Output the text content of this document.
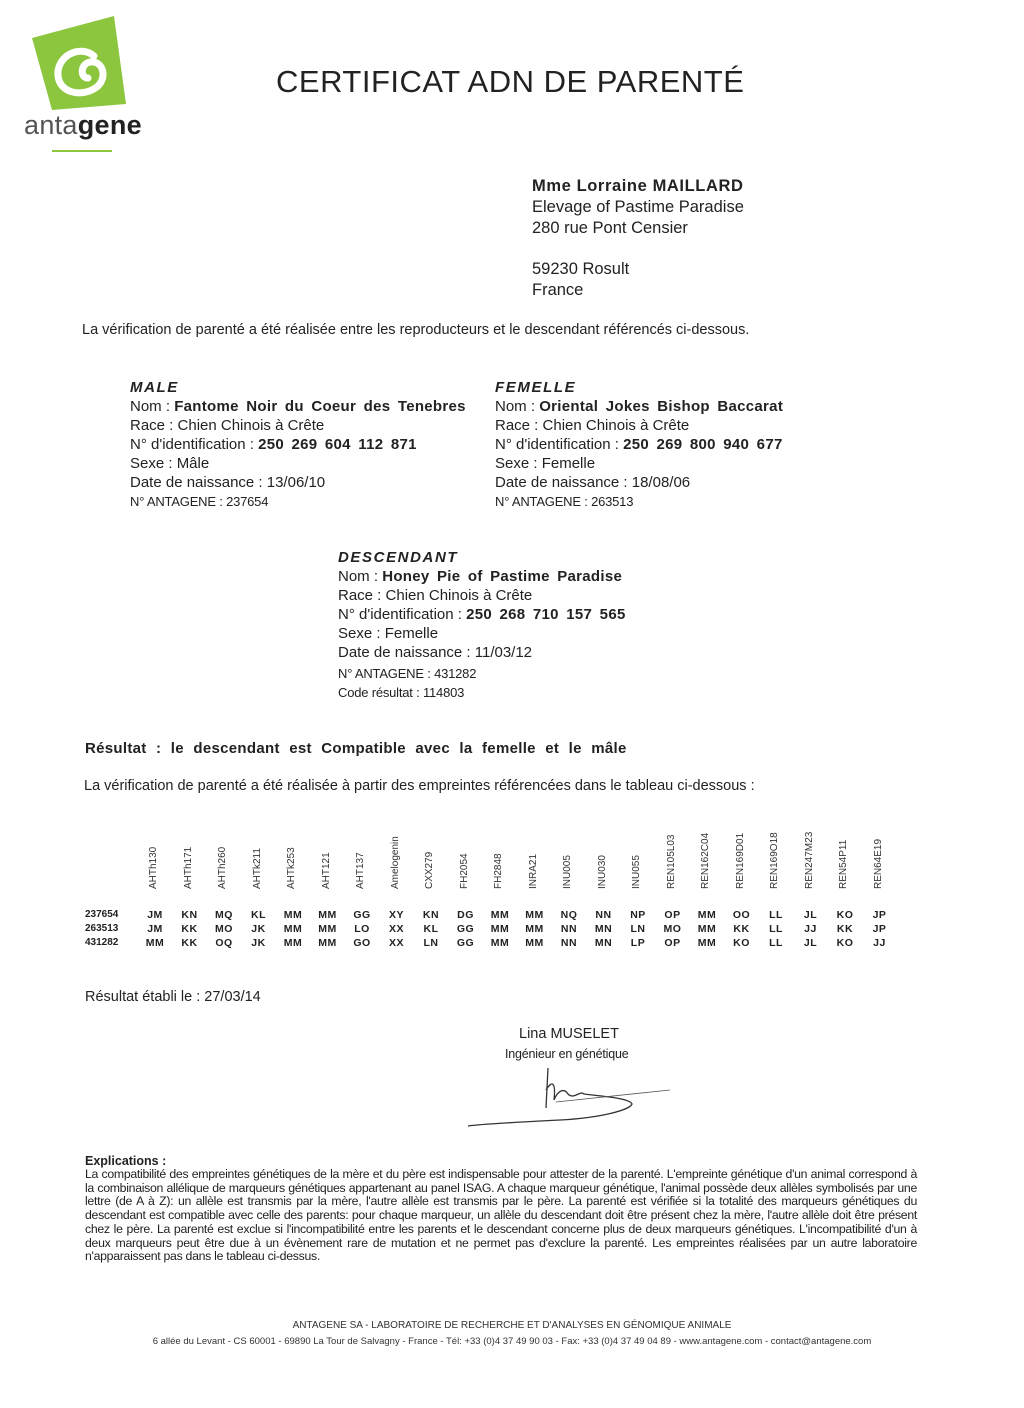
antagene
CERTIFICAT ADN DE PARENTÉ
Mme Lorraine MAILLARD
Elevage of Pastime Paradise
280 rue Pont Censier
59230 Rosult
France
La vérification de parenté a été réalisée entre les reproducteurs et le descendant référencés ci-dessous.
MALE
Nom : Fantome Noir du Coeur des Tenebres
Race : Chien Chinois à Crête
N° d'identification : 250 269 604 112 871
Sexe : Mâle
Date de naissance : 13/06/10
N° ANTAGENE : 237654
FEMELLE
Nom : Oriental Jokes Bishop Baccarat
Race : Chien Chinois à Crête
N° d'identification : 250 269 800 940 677
Sexe : Femelle
Date de naissance : 18/08/06
N° ANTAGENE : 263513
DESCENDANT
Nom : Honey Pie of Pastime Paradise
Race : Chien Chinois à Crête
N° d'identification : 250 268 710 157 565
Sexe : Femelle
Date de naissance : 11/03/12
N° ANTAGENE : 431282
Code résultat : 114803
Résultat : le descendant est Compatible avec la femelle et le mâle
La vérification de parenté a été réalisée à partir des empreintes référencées dans le tableau ci-dessous :
AHTh130 AHTh171 AHTh260 AHTk211 AHTk253 AHT121 AHT137 Amelogenin CXX279 FH2054 FH2848 INRA21 INU005 INU030 INU055 REN105L03 REN162C04 REN169D01 REN169O18 REN247M23 REN54P11 REN64E19
237654	JM	KN	MQ	KL	MM	MM	GG	XY	KN	DG	MM	MM	NQ	NN	NP	OP	MM	OO	LL	JL	KO	JP
263513	JM	KK	MO	JK	MM	MM	LO	XX	KL	GG	MM	MM	NN	MN	LN	MO	MM	KK	LL	JJ	KK	JP
431282	MM	KK	OQ	JK	MM	MM	GO	XX	LN	GG	MM	MM	NN	MN	LP	OP	MM	KO	LL	JL	KO	JJ
Résultat établi le : 27/03/14
Lina MUSELET
Ingénieur en génétique
Explications :
La compatibilité des empreintes génétiques de la mère et du père est indispensable pour attester de la parenté. L'empreinte génétique d'un animal correspond à la combinaison allélique de marqueurs génétiques appartenant au panel ISAG. A chaque marqueur génétique, l'animal possède deux allèles symbolisés par une lettre (de A à Z): un allèle est transmis par la mère, l'autre allèle est transmis par le père. La parenté est vérifiée si la totalité des marqueurs génétiques du descendant est compatible avec celle des parents: pour chaque marqueur, un allèle du descendant doit être présent chez la mère, l'autre allèle doit être présent chez le père. La parenté est exclue si l'incompatibilité entre les parents et le descendant concerne plus de deux marqueurs génétiques. L'incompatibilité d'un à deux marqueurs peut être due à un évènement rare de mutation et ne permet pas d'exclure la parenté. Les empreintes réalisées par un autre laboratoire n'apparaissent pas dans le tableau ci-dessus.
ANTAGENE SA - LABORATOIRE DE RECHERCHE ET D'ANALYSES EN GÉNOMIQUE ANIMALE
6 allée du Levant - CS 60001 - 69890 La Tour de Salvagny - France - Tél: +33 (0)4 37 49 90 03 - Fax: +33 (0)4 37 49 04 89 - www.antagene.com - contact@antagene.com
